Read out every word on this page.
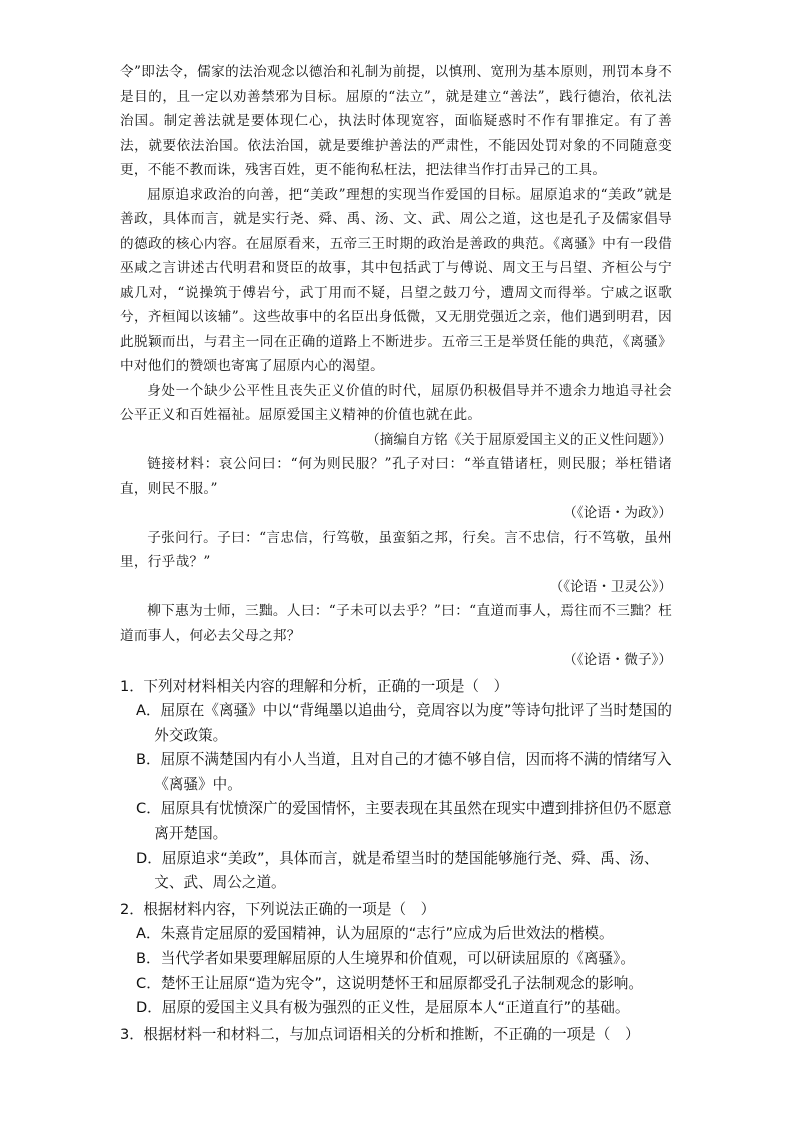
令”即法令，儒家的法治观念以德治和礼制为前提，以慎刑、宽刑为基本原则，刑罚本身不是目的，且一定以劝善禁邪为目标。屈原的“法立”，就是建立“善法”，践行德治，依礼法治国。制定善法就是要体现仁心，执法时体现宽容，面临疑惑时不作有罪推定。有了善法，就要依法治国。依法治国，就是要维护善法的严肃性，不能因处罚对象的不同随意变更，不能不教而诛，残害百姓，更不能徇私枉法，把法律当作打击异己的工具。

屈原追求政治的向善，把“美政”理想的实现当作爱国的目标。屈原追求的“美政”就是善政，具体而言，就是实行尧、舜、禹、汤、文、武、周公之道，这也是孔子及儒家倡导的德政的核心内容。在屈原看来，五帝三王时期的政治是善政的典范。《离骚》中有一段借巫咸之言讲述古代明君和贤臣的故事，其中包括武丁与傅说、周文王与吕望、齐桓公与宁戚几对，“说操筑于傅岩兮，武丁用而不疑，吕望之鼓刀兮，遭周文而得举。宁戚之讴歌兮，齐桓闻以该辅”。这些故事中的名臣出身低微，又无朋党强近之亲，他们遇到明君，因此脱颖而出，与君主一同在正确的道路上不断进步。五帝三王是举贤任能的典范，《离骚》中对他们的赞颂也寄寓了屈原内心的渴望。

身处一个缺少公平性且丧失正义价值的时代，屈原仍积极倡导并不遗余力地追寻社会公平正义和百姓福祉。屈原爱国主义精神的价值也就在此。

（摘编自方铭《关于屈原爱国主义的正义性问题》）

链接材料：哀公问曰：“何为则民服？”孔子对曰：“举直错诸枉，则民服；举枉错诸直，则民不服。”

（《论语・为政》）

子张问行。子曰：“言忠信，行笃敬，虽蛮貊之邦，行矣。言不忠信，行不笃敬，虽州里，行乎哉？”

（《论语・卫灵公》）

柳下惠为士师，三黜。人曰：“子未可以去乎？”曰：“直道而事人，焉往而不三黜？枉道而事人，何必去父母之邦？

（《论语・微子》）

1．下列对材料相关内容的理解和分析，正确的一项是（　）

A．屈原在《离骚》中以“背绳墨以追曲兮，竞周容以为度”等诗句批评了当时楚国的外交政策。

B．屈原不满楚国内有小人当道，且对自己的才德不够自信，因而将不满的情绪写入《离骚》中。

C．屈原具有忧愤深广的爱国情怀，主要表现在其虽然在现实中遭到排挤但仍不愿意离开楚国。

D．屈原追求“美政”，具体而言，就是希望当时的楚国能够施行尧、舜、禹、汤、文、武、周公之道。

2．根据材料内容，下列说法正确的一项是（　）

A．朱熹肯定屈原的爱国精神，认为屈原的“志行”应成为后世效法的楷模。

B．当代学者如果要理解屈原的人生境界和价值观，可以研读屈原的《离骚》。

C．楚怀王让屈原“造为宪令”，这说明楚怀王和屈原都受孔子法制观念的影响。

D．屈原的爱国主义具有极为强烈的正义性，是屈原本人“正道直行”的基础。

3．根据材料一和材料二，与加点词语相关的分析和推断，不正确的一项是（　）
